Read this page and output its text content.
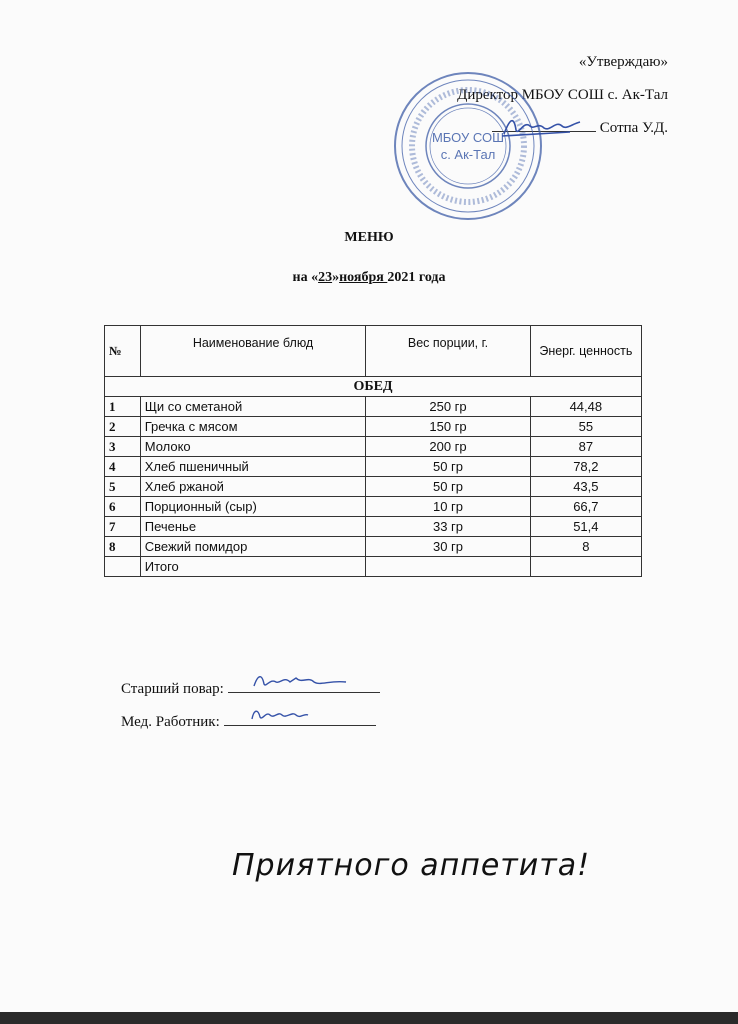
«Утверждаю»
Директор МБОУ СОШ с. Ак-Тал
Сотпа У.Д.
МБОУ СОШ
с. Ак-Тал
МЕНЮ
на «23»ноября 2021 года
№	Наименование блюд	Вес порции, г.	Энерг. ценность
ОБЕД			
1	Щи со сметаной	250 гр	44,48
2	Гречка с мясом	150 гр	55
3	Молоко	200 гр	87
4	Хлеб пшеничный	50 гр	78,2
5	Хлеб ржаной	50 гр	43,5
6	Порционный (сыр)	10 гр	66,7
7	Печенье	33 гр	51,4
8	Свежий помидор	30 гр	8
	Итого		
Старший повар:
Мед. Работник:
Приятного аппетита!
